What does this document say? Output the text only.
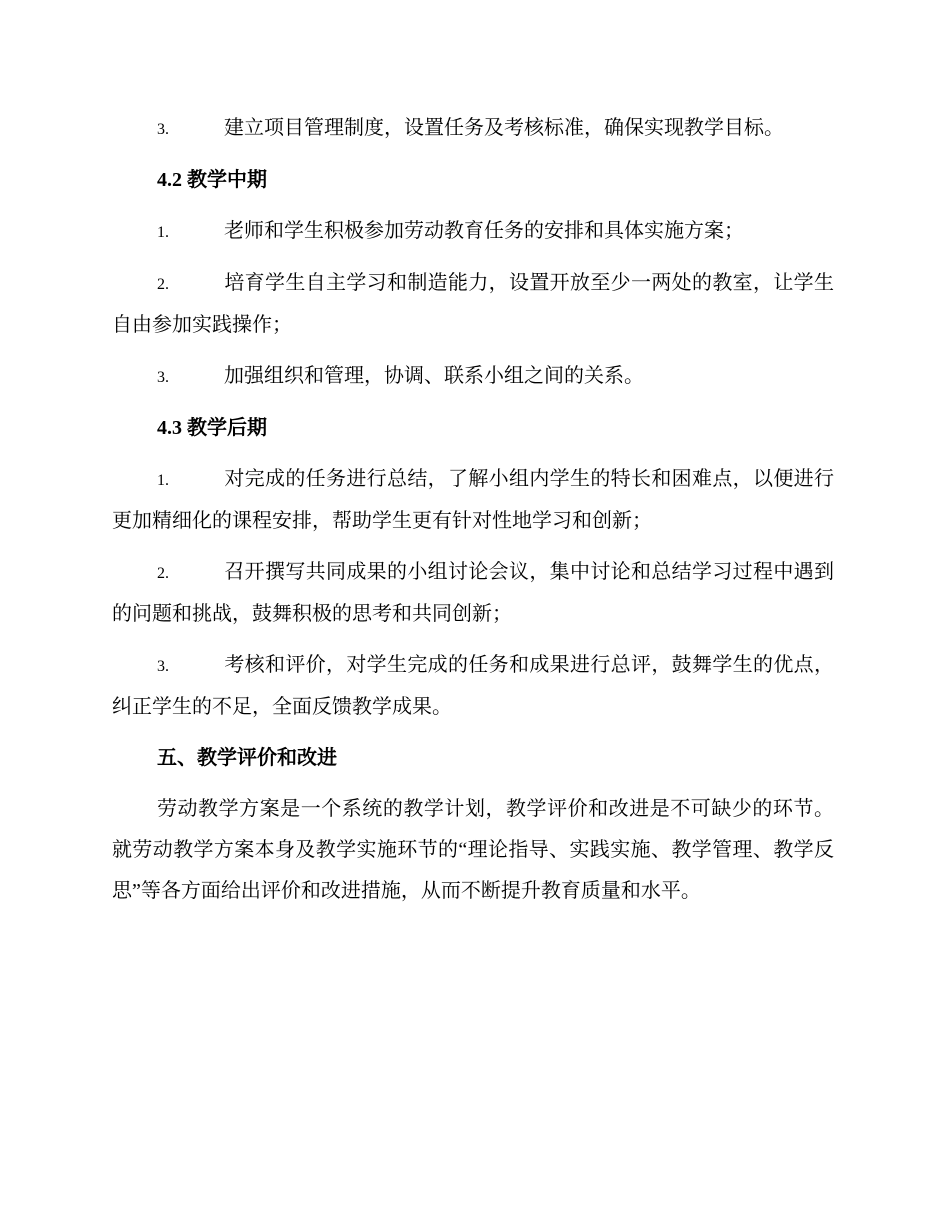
3.	建立项目管理制度，设置任务及考核标准，确保实现教学目标。

4.2 教学中期

1.	老师和学生积极参加劳动教育任务的安排和具体实施方案；

2.	培育学生自主学习和制造能力，设置开放至少一两处的教室，让学生自由参加实践操作；

3.	加强组织和管理，协调、联系小组之间的关系。

4.3 教学后期

1.	对完成的任务进行总结，了解小组内学生的特长和困难点，以便进行更加精细化的课程安排，帮助学生更有针对性地学习和创新；

2.	召开撰写共同成果的小组讨论会议，集中讨论和总结学习过程中遇到的问题和挑战，鼓舞积极的思考和共同创新；

3.	考核和评价，对学生完成的任务和成果进行总评，鼓舞学生的优点，纠正学生的不足，全面反馈教学成果。

五、教学评价和改进

劳动教学方案是一个系统的教学计划，教学评价和改进是不可缺少的环节。就劳动教学方案本身及教学实施环节的“理论指导、实践实施、教学管理、教学反思”等各方面给出评价和改进措施，从而不断提升教育质量和水平。
